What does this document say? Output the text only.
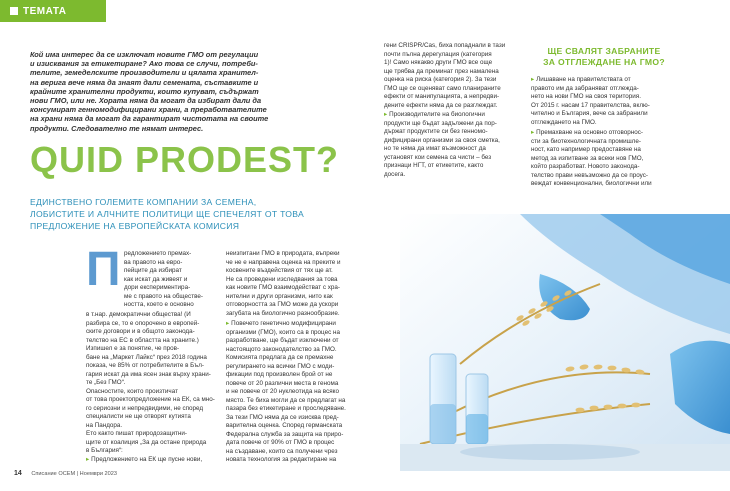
ТЕМАТА
Кой има интерес да се изключат новите ГМО от регулации
и изисквания за етикетиране? Ако това се случи, потреби-
телите, земеделските производители и цялата хранител-
на верига вече няма да знаят дали семената, съставките и
крайните хранителни продукти, които купуват, съдържат
нови ГМО, или не. Хората няма да могат да избират дали да
консумират генномодифицирани храни, а преработвателите
на храни няма да могат да гарантират чистотата на своите
продукти. Следователно те нямат интерес.
QUID PRODEST?
ЕДИНСТВЕНО ГОЛЕМИТЕ КОМПАНИИ ЗА СЕМЕНА,
ЛОБИСТИТЕ И АЛЧНИТЕ ПОЛИТИЦИ ЩЕ СПЕЧЕЛЯТ ОТ ТОВА
ПРЕДЛОЖЕНИЕ НА ЕВРОПЕЙСКАТА КОМИСИЯ
редложението премах-
ва правото на евро-
пейците да избират
как искат да живеят и
дори експериментира-
ме с правото на обществе-
ността, което е основно
П
в т.нар. демократични общества! (И
разбира се, то е опорочено в европей-
ските договори и в общото законода-
телство на ЕС в областта на храните.)
Изпишел е за понятие, че пров-
бане на „Маркет Лайкс“ през 2018 година
показа, че 85% от потребителите в Бъл-
гария искат да има ясен знак върху храни-
те „Без ГМО“.
Опасностите, които произтичат
от това проектопредложение на ЕК, са мно-
го сериозни и непредвидими, не според
специалисти не ще отворят кутията
на Пандора.
Ето както пишат природозащитни-
щите от коалиция „За да остане природа
в България“:
▸ Предложението на ЕК ще пусне нови,
неизпитани ГМО в природата, въпреки
че не е направена оценка на преките и
косвените въздействия от тях ще ат.
Не са проведени изследвания за това
как новите ГМО взаимодействат с хра-
нителни и други организми, нито как
отговорността за ГМО може да ускори
загубата на биологично разнообразие.
▸ Повечето генетично модифицирани
организми (ГМО), които са в процес на
разработване, ще бъдат изключени от
настоящото законодателство за ГМО.
Комисията предлага да се премахне
регулирането на всички ГМО с моди-
фикации под произволен брой от не
повече от 20 различни места в генома
и не повече от 20 нуклеотида на всяко
място. Те биха могли да се предлагат на
пазара без етикетиране и проследяване.
За тези ГМО няма да се изисква пред-
варителна оценка. Според германската
Федерална служба за защита на приро-
дата повече от 90% от ГМО в процес
на създаване, които са получени чрез
новата технология за редактиране на
гени CRISPR/Cas, биха попаднали в тази
почти пълна дерегулация (категория
1)! Само някакво други ГМО все още
ще трябва да преминат през намалена
оценка на риска (категория 2). За тези
ГМО ще се оценяват само планираните
ефекти от манипулацията, а непредви-
дените ефекти няма да се разглеждат.
▸ Производителите на биологични
продукти ще бъдат задължени да пор-
държат продуктите си без генномо-
дифицирани организми за своя сметка,
но те няма да имат възможност да
установят кои семена са чисти – без
признаци НГТ, от етикетите, както
досега.
ЩЕ СВАЛЯТ ЗАБРАНИТЕ
ЗА ОТГЛЕЖДАНЕ НА ГМО?
▸ Лишаване на правителствата от
правото им да забраняват отглежда-
нето на нови ГМО на своя територия.
От 2015 г. насам 17 правителства, вклю-
чително и България, вече са забранили
отглеждането на ГМО.
▸ Премахване на основно отговорнос-
сти за биотехнологичната промишле-
ност, като например предоставяне на
метод за изпитване за всеки нов ГМО,
който разработват. Новото законода-
телство прави невъзможно да се проус-
веждат конвенционални, биологични или
14 Списание ОСЕМ | Ноември 2023
